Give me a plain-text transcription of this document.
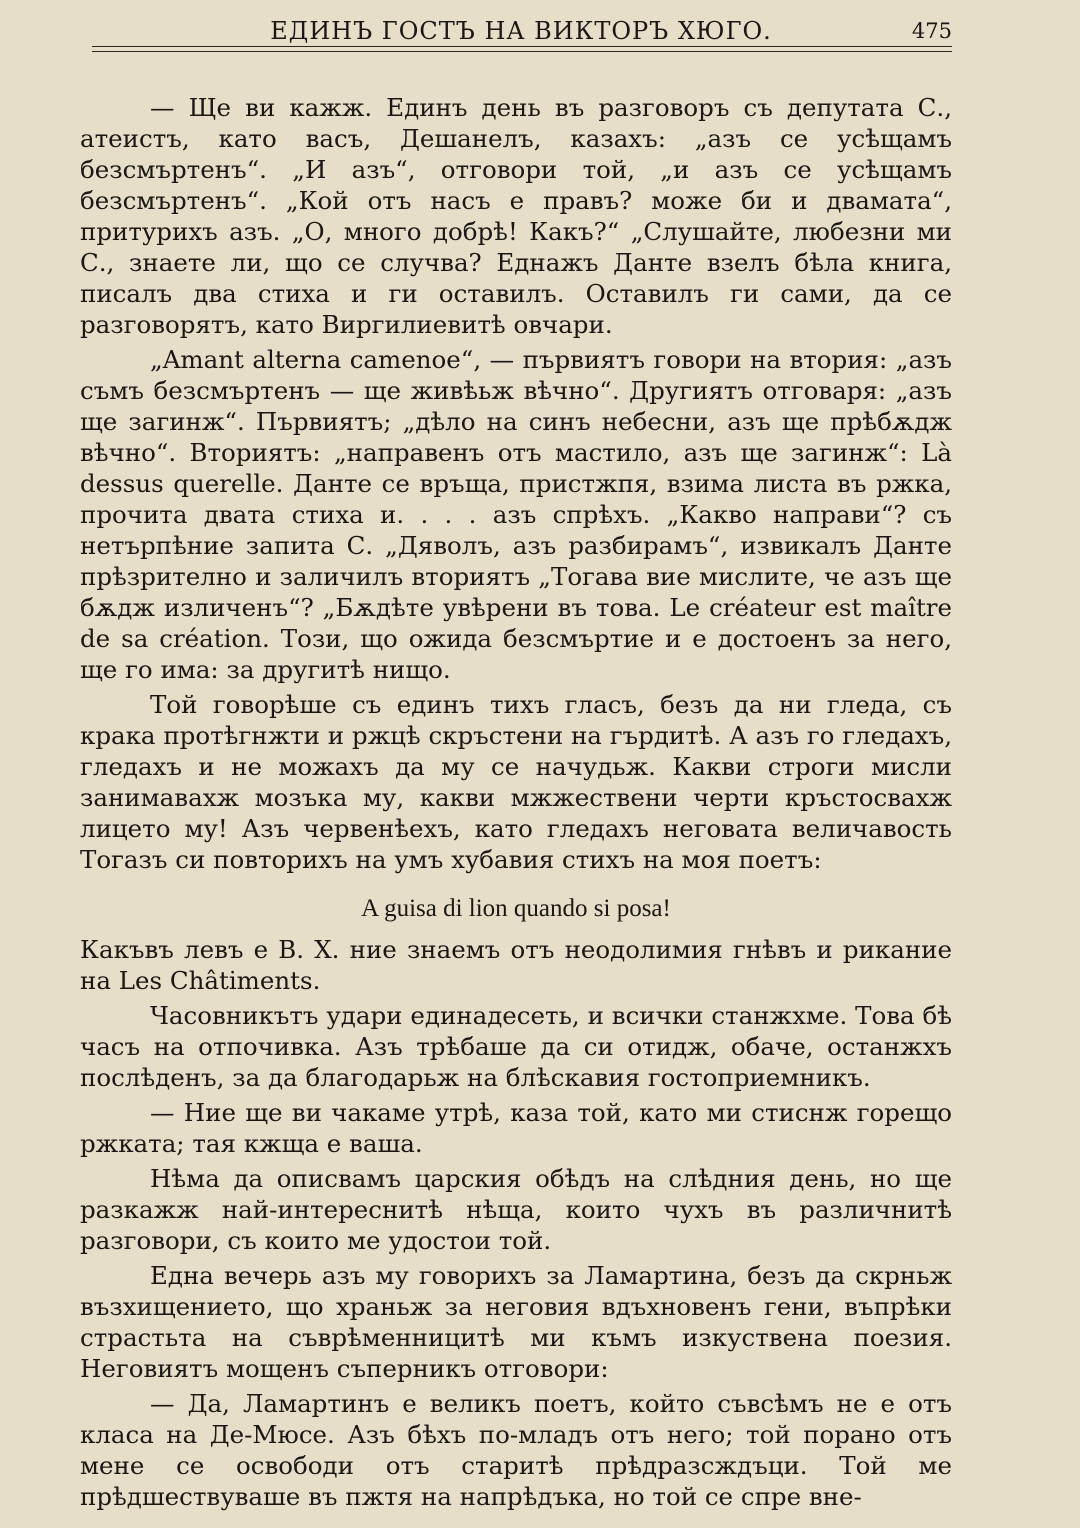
ЕДИНЪ ГОСТЪ НА ВИКТОРЪ ХЮГО.	475

— Ще ви кажж. Единъ день въ разговоръ съ депутата С., атеистъ, като васъ, Дешанелъ, казахъ: „азъ се усѣщамъ безсмъртенъ“. „И азъ“, отговори той, „и азъ се усѣщамъ безсмъртенъ“. „Кой отъ насъ е правъ? може би и двамата“, притурихъ азъ. „О, много добрѣ! Какъ?“ „Слушайте, любезни ми С., знаете ли, що се случва? Еднажъ Данте взелъ бѣла книга, писалъ два стиха и ги оставилъ. Оставилъ ги сами, да се разговорятъ, като Виргилиевитѣ овчари.

„Amant alterna camenoe“, — първиятъ говори на втория: „азъ съмъ безсмъртенъ — ще живѣьж вѣчно“. Другиятъ отговаря: „азъ ще загинж“. Първиятъ; „дѣло на синъ небесни, азъ ще прѣбѫдж вѣчно“. Вториятъ: „направенъ отъ мастило, азъ ще загинж“: Là dessus querelle. Данте се връща, пристжпя, взима листа въ ржка, прочита двата стиха и. . . . азъ спрѣхъ. „Какво направи“? съ нетърпѣние запита С. „Дяволъ, азъ разбирамъ“, извикалъ Данте прѣзрително и заличилъ вториятъ „Тогава вие мислите, че азъ ще бѫдж изличенъ“? „Бѫдѣте увѣрени въ това. Le créateur est maître de sa création. Този, що ожида безсмъртие и е достоенъ за него, ще го има: за другитѣ нищо.

Той говорѣше съ единъ тихъ гласъ, безъ да ни гледа, съ крака протѣгнжти и ржцѣ скръстени на гърдитѣ. А азъ го гледахъ, гледахъ и не можахъ да му се начудьж. Какви строги мисли занимавахж мозъка му, какви мжжествени черти кръстосвахж лицето му! Азъ червенѣехъ, като гледахъ неговата величавость Тогазъ си повторихъ на умъ хубавия стихъ на моя поетъ:

A guisa di lion quando si posa!

Какъвъ левъ е В. Х. ние знаемъ отъ неодолимия гнѣвъ и рикание на Les Châtiments.

Часовникътъ удари единадесеть, и всички станжхме. Това бѣ часъ на отпочивка. Азъ трѣбаше да си отидж, обаче, останжхъ послѣденъ, за да благодарьж на блѣскавия гостоприемникъ.

— Ние ще ви чакаме утрѣ, каза той, като ми стиснж горещо ржката; тая кжща е ваша.

Нѣма да описвамъ царския обѣдъ на слѣдния день, но ще разкажж най-интереснитѣ нѣща, които чухъ въ различнитѣ разговори, съ които ме удостои той.

Една вечерь азъ му говорихъ за Ламартина, безъ да скрньж възхищението, що храньж за неговия вдъхновенъ гени, въпрѣки страстьта на съврѣменницитѣ ми къмъ изкуствена поезия. Неговиятъ мощенъ съперникъ отговори:

— Да, Ламартинъ е великъ поетъ, който съвсѣмъ не е отъ класа на Де-Мюсе. Азъ бѣхъ по-младъ отъ него; той порано отъ мене се освободи отъ старитѣ прѣдразсждъци. Той ме прѣдшествуваше въ пжтя на напрѣдъка, но той се спре вне-
